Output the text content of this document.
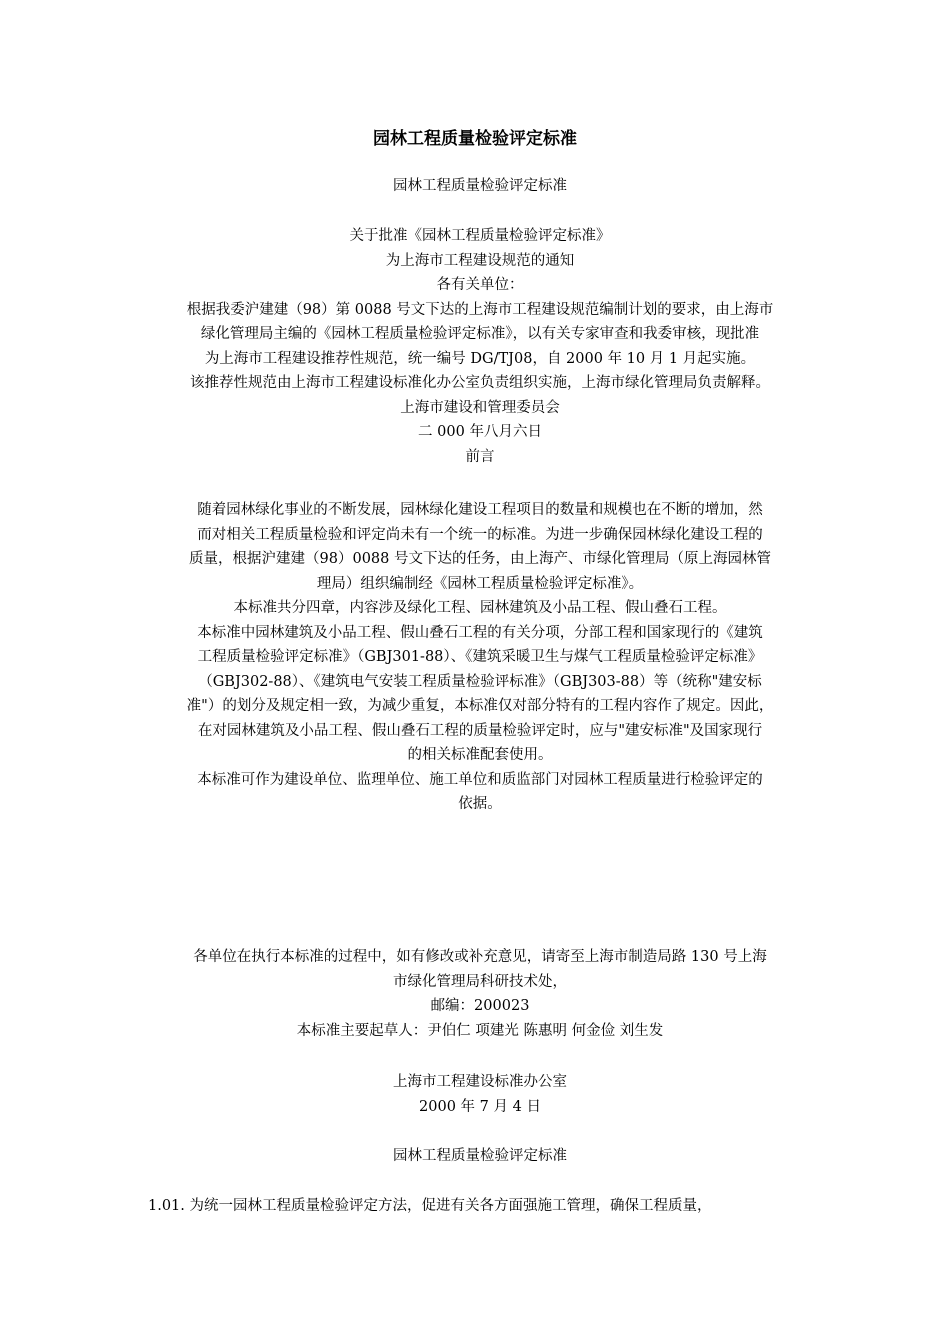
园林工程质量检验评定标准

园林工程质量检验评定标准

关于批准《园林工程质量检验评定标准》

为上海市工程建设规范的通知

各有关单位：

根据我委沪建建（98）第 0088 号文下达的上海市工程建设规范编制计划的要求，由上海市

绿化管理局主编的《园林工程质量检验评定标准》，以有关专家审查和我委审核，现批准

为上海市工程建设推荐性规范，统一编号 DG/TJ08，自 2000 年 10 月 1 月起实施。

该推荐性规范由上海市工程建设标准化办公室负责组织实施，上海市绿化管理局负责解释。

上海市建设和管理委员会

二 000 年八月六日

前言

随着园林绿化事业的不断发展，园林绿化建设工程项目的数量和规模也在不断的增加，然

而对相关工程质量检验和评定尚未有一个统一的标准。为进一步确保园林绿化建设工程的

质量，根据沪建建（98）0088 号文下达的任务，由上海产、市绿化管理局（原上海园林管

理局）组织编制经《园林工程质量检验评定标准》。

本标准共分四章，内容涉及绿化工程、园林建筑及小品工程、假山叠石工程。

本标准中园林建筑及小品工程、假山叠石工程的有关分项，分部工程和国家现行的《建筑

工程质量检验评定标准》（GBJ301-88）、《建筑采暖卫生与煤气工程质量检验评定标准》

（GBJ302-88）、《建筑电气安装工程质量检验评标准》（GBJ303-88）等（统称"建安标

准"）的划分及规定相一致，为减少重复，本标准仅对部分特有的工程内容作了规定。因此，

在对园林建筑及小品工程、假山叠石工程的质量检验评定时，应与"建安标准"及国家现行

的相关标准配套使用。

本标准可作为建设单位、监理单位、施工单位和质监部门对园林工程质量进行检验评定的

依据。

各单位在执行本标准的过程中，如有修改或补充意见，请寄至上海市制造局路 130 号上海

市绿化管理局科研技术处，

邮编：200023

本标准主要起草人：尹伯仁 项建光 陈惠明 何金俭 刘生发

上海市工程建设标准办公室

2000 年 7 月 4 日

园林工程质量检验评定标准

1.01. 为统一园林工程质量检验评定方法，促进有关各方面强施工管理，确保工程质量，
